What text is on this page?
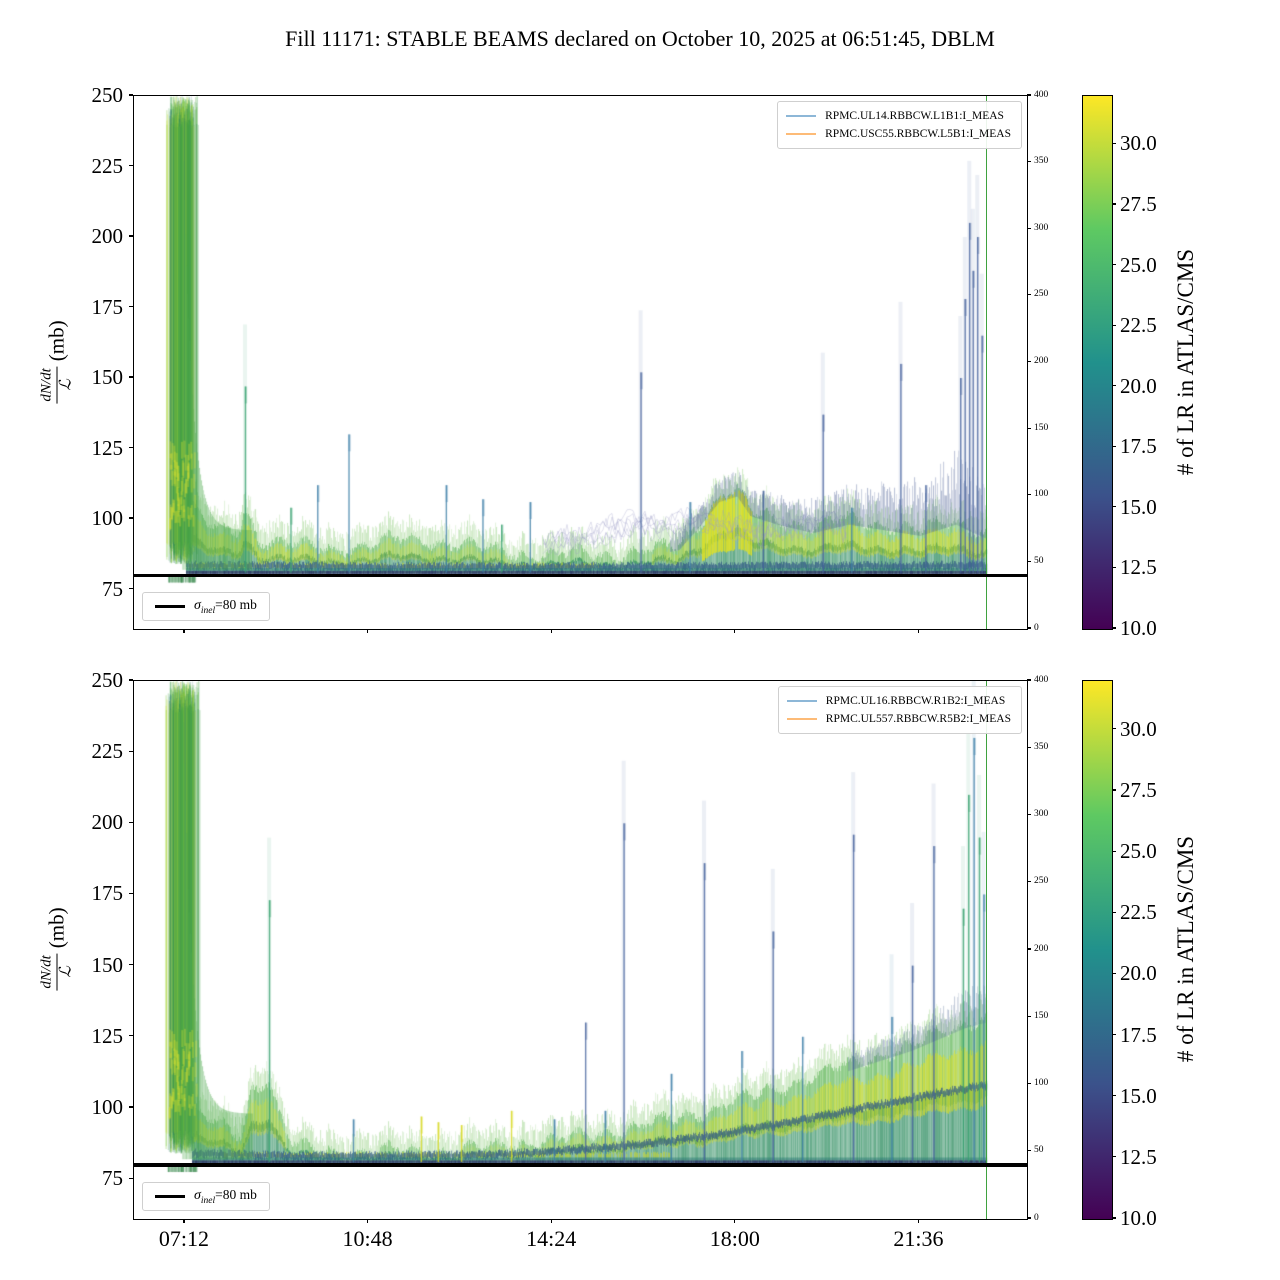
Fill 11171: STABLE BEAMS declared on October 10, 2025 at 06:51:45, DBLM
dN/dt ℒ
(mb)
RPMC.UL14.RBBCW.L1B1:I_MEAS
RPMC.USC55.RBBCW.L5B1:I_MEAS
$\sigma_{inel}=80$ mb
# of LR in ATLAS/CMS
dN/dt ℒ
(mb)
RPMC.UL16.RBBCW.R1B2:I_MEAS
RPMC.UL557.RBBCW.R5B2:I_MEAS
$\sigma_{inel}=80$ mb
# of LR in ATLAS/CMS
250
225
200
175
150
125
100
75
400
350
300
250
200
150
100
50
0
30.0
27.5
25.0
22.5
20.0
17.5
15.0
12.5
10.0
250
225
200
175
150
125
100
75
07:12	10:48	14:24	18:00	21:36
400
350
300
250
200
150
100
50
0
30.0
27.5
25.0
22.5
20.0
17.5
15.0
12.5
10.0
